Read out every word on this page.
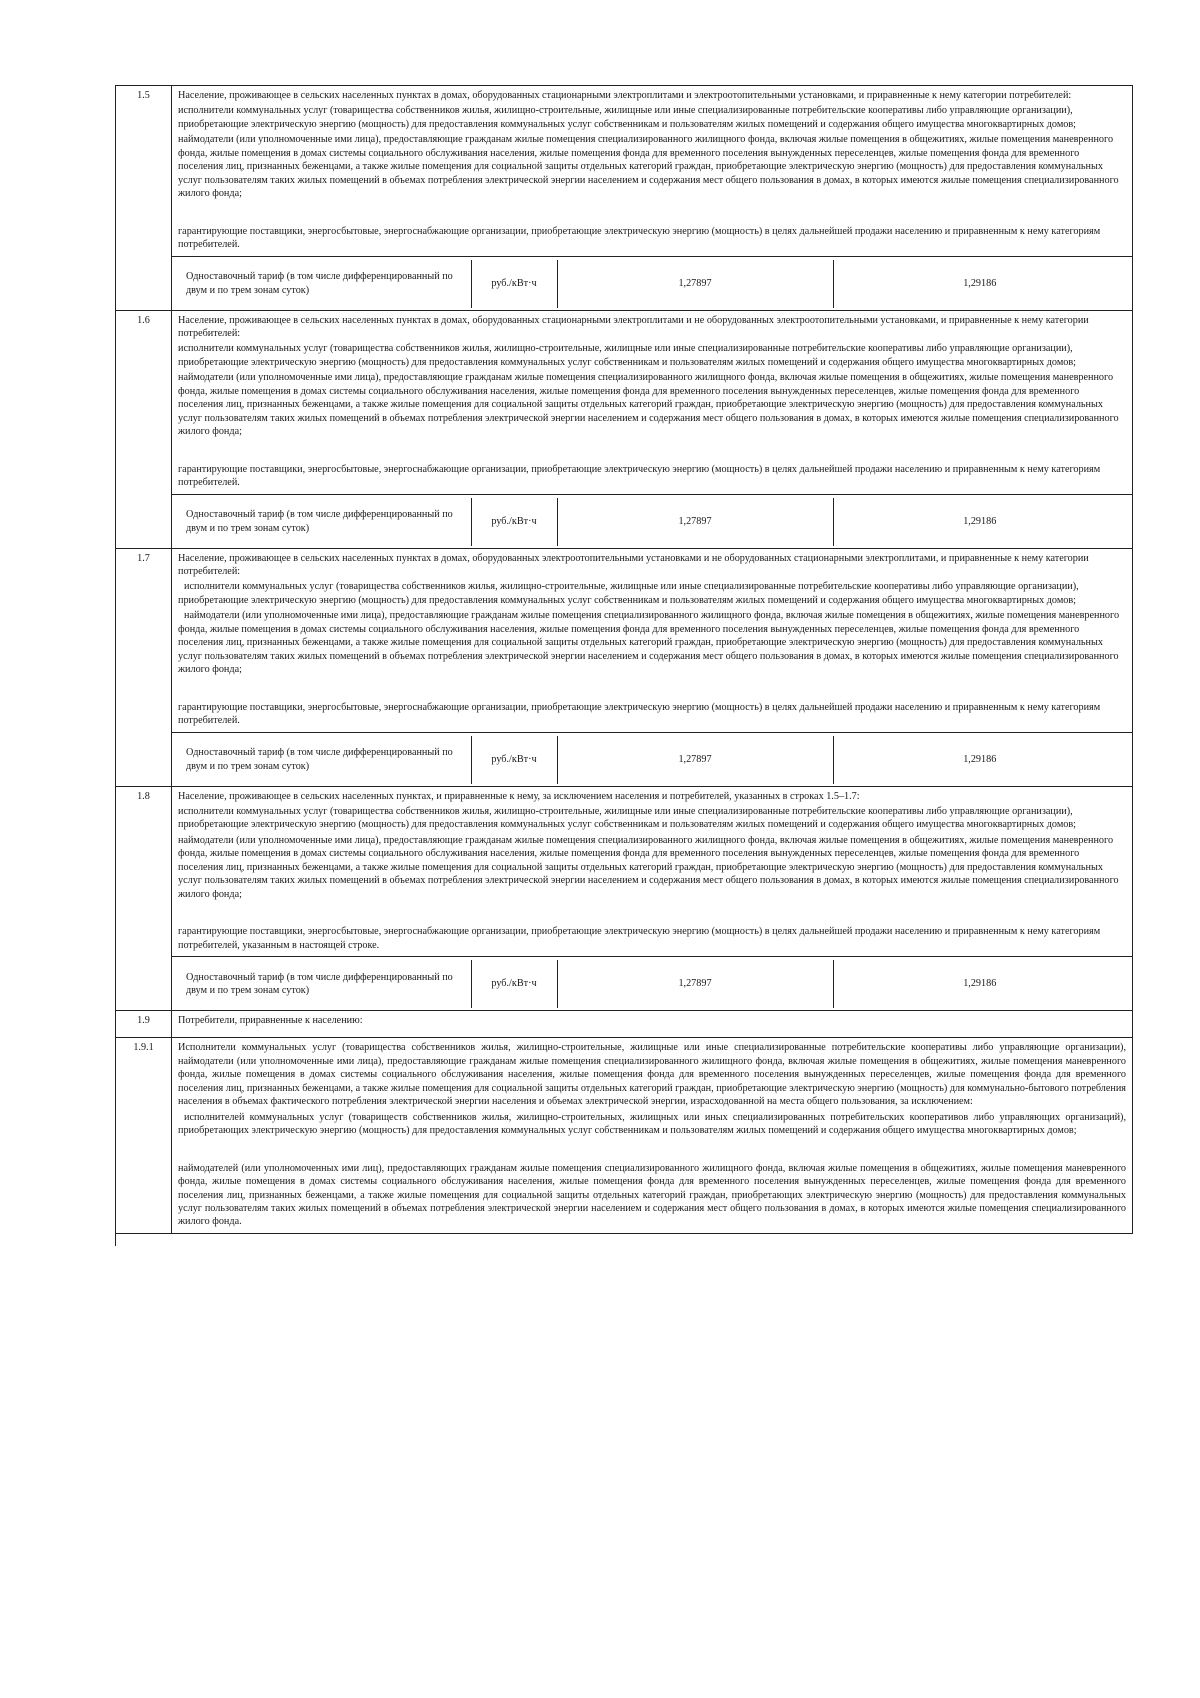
1.5	Население, проживающее в сельских населенных пунктах в домах, оборудованных стационарными электроплитами и электроотопительными установками, и приравненные к нему категории потребителей:
исполнители коммунальных услуг (товарищества собственников жилья, жилищно-строительные, жилищные или иные специализированные потребительские кооперативы либо управляющие организации), приобретающие электрическую энергию (мощность) для предоставления коммунальных услуг собственникам и пользователям жилых помещений и содержания общего имущества многоквартирных домов;
наймодатели (или уполномоченные ими лица), предоставляющие гражданам жилые помещения специализированного жилищного фонда, включая жилые помещения в общежитиях, жилые помещения маневренного фонда, жилые помещения в домах системы социального обслуживания населения, жилые помещения фонда для временного поселения вынужденных переселенцев, жилые помещения фонда для временного поселения лиц, признанных беженцами, а также жилые помещения для социальной защиты отдельных категорий граждан, приобретающие электрическую энергию (мощность) для предоставления коммунальных услуг пользователям таких жилых помещений в объемах потребления электрической энергии населением и содержания мест общего пользования в домах, в которых имеются жилые помещения специализированного жилого фонда;
гарантирующие поставщики, энергосбытовые, энергоснабжающие организации, приобретающие электрическую энергию (мощность) в целях дальнейшей продажи населению и приравненным к нему категориям потребителей.

Одноставочный тариф (в том числе дифференцированный по двум и по трем зонам суток)	руб./кВт·ч	1,27897	1,29186

1.6	Население, проживающее в сельских населенных пунктах в домах, оборудованных стационарными электроплитами и не оборудованных электроотопительными установками, и приравненные к нему категории потребителей:
исполнители коммунальных услуг (товарищества собственников жилья, жилищно-строительные, жилищные или иные специализированные потребительские кооперативы либо управляющие организации), приобретающие электрическую энергию (мощность) для предоставления коммунальных услуг собственникам и пользователям жилых помещений и содержания общего имущества многоквартирных домов;
наймодатели (или уполномоченные ими лица), предоставляющие гражданам жилые помещения специализированного жилищного фонда, включая жилые помещения в общежитиях, жилые помещения маневренного фонда, жилые помещения в домах системы социального обслуживания населения, жилые помещения фонда для временного поселения вынужденных переселенцев, жилые помещения фонда для временного поселения лиц, признанных беженцами, а также жилые помещения для социальной защиты отдельных категорий граждан, приобретающие электрическую энергию (мощность) для предоставления коммунальных услуг пользователям таких жилых помещений в объемах потребления электрической энергии населением и содержания мест общего пользования в домах, в которых имеются жилые помещения специализированного жилого фонда;
гарантирующие поставщики, энергосбытовые, энергоснабжающие организации, приобретающие электрическую энергию (мощность) в целях дальнейшей продажи населению и приравненным к нему категориям потребителей.

Одноставочный тариф (в том числе дифференцированный по двум и по трем зонам суток)	руб./кВт·ч	1,27897	1,29186

1.7	Население, проживающее в сельских населенных пунктах в домах, оборудованных электроотопительными установками и не оборудованных стационарными электроплитами, и приравненные к нему категории потребителей:
исполнители коммунальных услуг (товарищества собственников жилья, жилищно-строительные, жилищные или иные специализированные потребительские кооперативы либо управляющие организации), приобретающие электрическую энергию (мощность) для предоставления коммунальных услуг собственникам и пользователям жилых помещений и содержания общего имущества многоквартирных домов;
наймодатели (или уполномоченные ими лица), предоставляющие гражданам жилые помещения специализированного жилищного фонда, включая жилые помещения в общежитиях, жилые помещения маневренного фонда, жилые помещения в домах системы социального обслуживания населения, жилые помещения фонда для временного поселения вынужденных переселенцев, жилые помещения фонда для временного поселения лиц, признанных беженцами, а также жилые помещения для социальной защиты отдельных категорий граждан, приобретающие электрическую энергию (мощность) для предоставления коммунальных услуг пользователям таких жилых помещений в объемах потребления электрической энергии населением и содержания мест общего пользования в домах, в которых имеются жилые помещения специализированного жилого фонда;
гарантирующие поставщики, энергосбытовые, энергоснабжающие организации, приобретающие электрическую энергию (мощность) в целях дальнейшей продажи населению и приравненным к нему категориям потребителей.

Одноставочный тариф (в том числе дифференцированный по двум и по трем зонам суток)	руб./кВт·ч	1,27897	1,29186

1.8	Население, проживающее в сельских населенных пунктах, и приравненные к нему, за исключением населения и потребителей, указанных в строках 1.5–1.7:
исполнители коммунальных услуг (товарищества собственников жилья, жилищно-строительные, жилищные или иные специализированные потребительские кооперативы либо управляющие организации), приобретающие электрическую энергию (мощность) для предоставления коммунальных услуг собственникам и пользователям жилых помещений и содержания общего имущества многоквартирных домов;
наймодатели (или уполномоченные ими лица), предоставляющие гражданам жилые помещения специализированного жилищного фонда, включая жилые помещения в общежитиях, жилые помещения маневренного фонда, жилые помещения в домах системы социального обслуживания населения, жилые помещения фонда для временного поселения вынужденных переселенцев, жилые помещения фонда для временного поселения лиц, признанных беженцами, а также жилые помещения для социальной защиты отдельных категорий граждан, приобретающие электрическую энергию (мощность) для предоставления коммунальных услуг пользователям таких жилых помещений в объемах потребления электрической энергии населением и содержания мест общего пользования в домах, в которых имеются жилые помещения специализированного жилого фонда;
гарантирующие поставщики, энергосбытовые, энергоснабжающие организации, приобретающие электрическую энергию (мощность) в целях дальнейшей продажи населению и приравненным к нему категориям потребителей, указанным в настоящей строке.

Одноставочный тариф (в том числе дифференцированный по двум и по трем зонам суток)	руб./кВт·ч	1,27897	1,29186

1.9	Потребители, приравненные к населению:
1.9.1	Исполнители коммунальных услуг (товарищества собственников жилья, жилищно-строительные, жилищные или иные специализированные потребительские кооперативы либо управляющие организации), наймодатели (или уполномоченные ими лица), предоставляющие гражданам жилые помещения специализированного жилищного фонда, включая жилые помещения в общежитиях, жилые помещения маневренного фонда, жилые помещения в домах системы социального обслуживания населения, жилые помещения фонда для временного поселения вынужденных переселенцев, жилые помещения фонда для временного поселения лиц, признанных беженцами, а также жилые помещения для социальной защиты отдельных категорий граждан, приобретающие электрическую энергию (мощность) для коммунально-бытового потребления населения в объемах фактического потребления электрической энергии населения и объемах электрической энергии, израсходованной на места общего пользования, за исключением:
исполнителей коммунальных услуг (товариществ собственников жилья, жилищно-строительных, жилищных или иных специализированных потребительских кооперативов либо управляющих организаций), приобретающих электрическую энергию (мощность) для предоставления коммунальных услуг собственникам и пользователям жилых помещений и содержания общего имущества многоквартирных домов;
наймодателей (или уполномоченных ими лиц), предоставляющих гражданам жилые помещения специализированного жилищного фонда, включая жилые помещения в общежитиях, жилые помещения маневренного фонда, жилые помещения в домах системы социального обслуживания населения, жилые помещения фонда для временного поселения вынужденных переселенцев, жилые помещения фонда для временного поселения лиц, признанных беженцами, а также жилые помещения для социальной защиты отдельных категорий граждан, приобретающих электрическую энергию (мощность) для предоставления коммунальных услуг пользователям таких жилых помещений в объемах потребления электрической энергии населением и содержания мест общего пользования в домах, в которых имеются жилые помещения специализированного жилого фонда.
